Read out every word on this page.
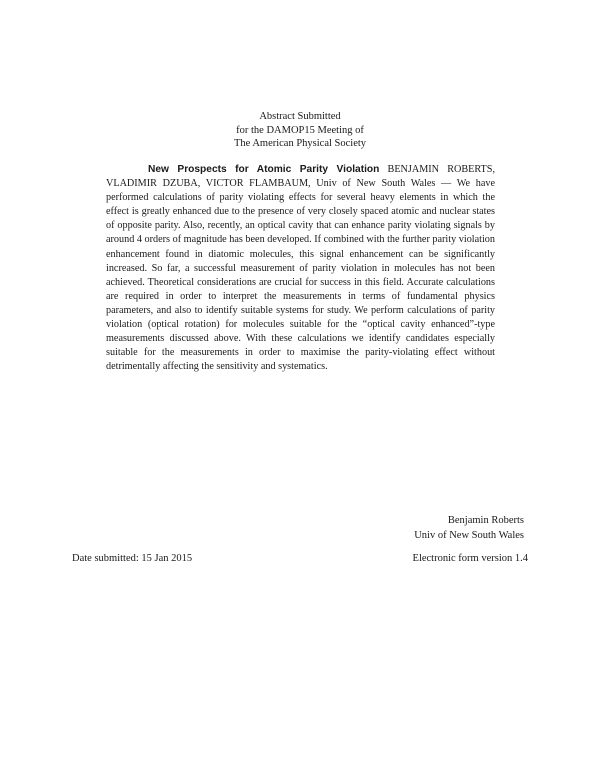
Abstract Submitted
for the DAMOP15 Meeting of
The American Physical Society
New Prospects for Atomic Parity Violation BENJAMIN ROBERTS, VLADIMIR DZUBA, VICTOR FLAMBAUM, Univ of New South Wales — We have performed calculations of parity violating effects for several heavy elements in which the effect is greatly enhanced due to the presence of very closely spaced atomic and nuclear states of opposite parity. Also, recently, an optical cavity that can enhance parity violating signals by around 4 orders of magnitude has been developed. If combined with the further parity violation enhancement found in diatomic molecules, this signal enhancement can be significantly increased. So far, a successful measurement of parity violation in molecules has not been achieved. Theoretical considerations are crucial for success in this field. Accurate calculations are required in order to interpret the measurements in terms of fundamental physics parameters, and also to identify suitable systems for study. We perform calculations of parity violation (optical rotation) for molecules suitable for the “optical cavity enhanced”-type measurements discussed above. With these calculations we identify candidates especially suitable for the measurements in order to maximise the parity-violating effect without detrimentally affecting the sensitivity and systematics.
Benjamin Roberts
Univ of New South Wales
Date submitted: 15 Jan 2015	Electronic form version 1.4
